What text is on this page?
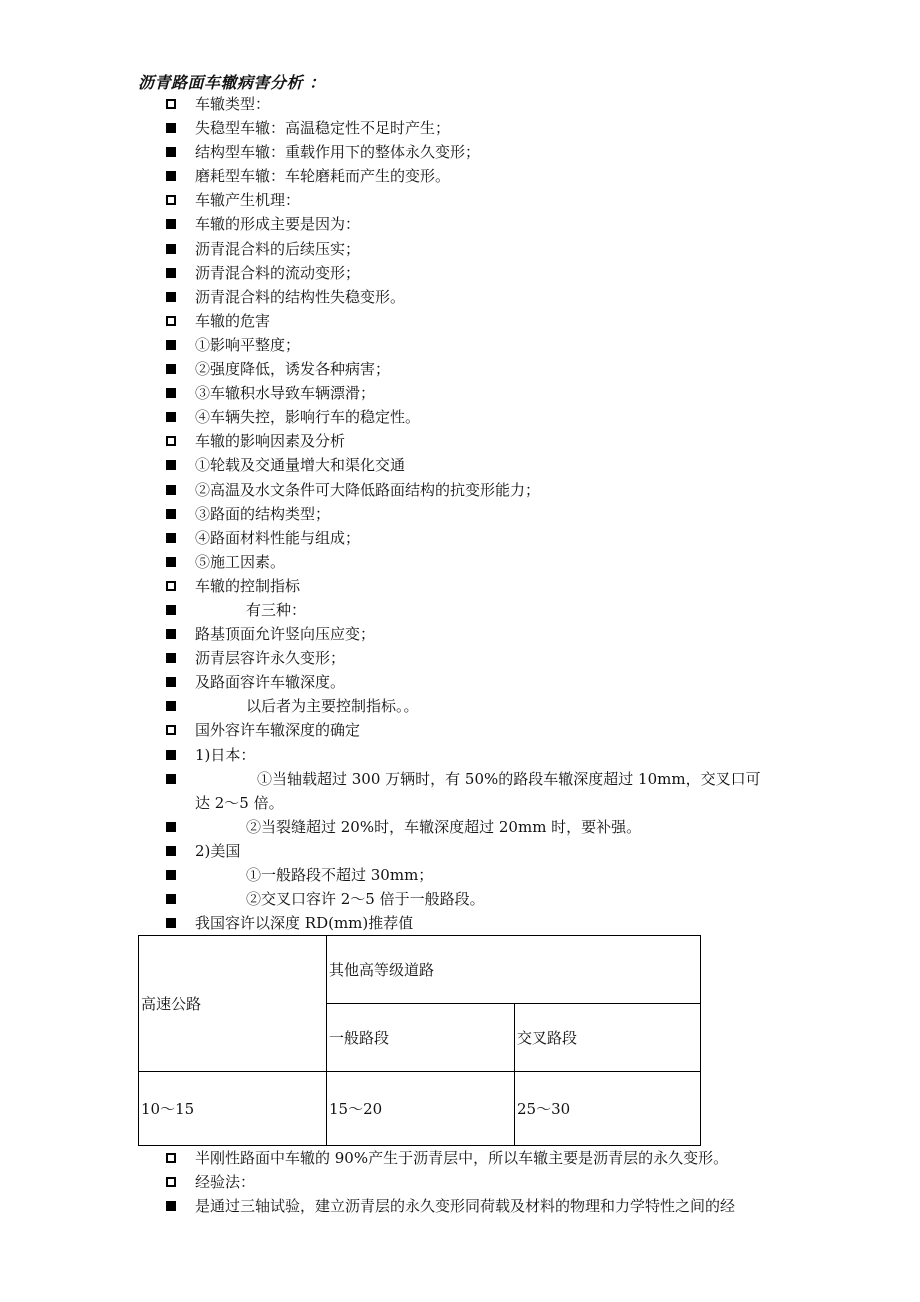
沥青路面车辙病害分析 ：
车辙类型：
失稳型车辙：高温稳定性不足时产生；
结构型车辙：重载作用下的整体永久变形；
磨耗型车辙：车轮磨耗而产生的变形。
车辙产生机理：
车辙的形成主要是因为：
沥青混合料的后续压实；
沥青混合料的流动变形；
沥青混合料的结构性失稳变形。
车辙的危害
①影响平整度；
②强度降低，诱发各种病害；
③车辙积水导致车辆漂滑；
④车辆失控，影响行车的稳定性。
车辙的影响因素及分析
①轮载及交通量增大和渠化交通
②高温及水文条件可大降低路面结构的抗变形能力；
③路面的结构类型；
④路面材料性能与组成；
⑤施工因素。
车辙的控制指标
有三种：
路基顶面允许竖向压应变；
沥青层容许永久变形；
及路面容许车辙深度。
以后者为主要控制指标。。
国外容许车辙深度的确定
1)日本：
①当轴载超过 300 万辆时，有 50%的路段车辙深度超过 10mm，交叉口可
达 2～5 倍。
②当裂缝超过 20%时，车辙深度超过 20mm 时，要补强。
2)美国
①一般路段不超过 30mm；
②交叉口容许 2～5 倍于一般路段。
我国容许以深度 RD(mm)推荐值
高速公路	其他高等级道路	
	一般路段	交叉路段
10～15	15～20	25～30
半刚性路面中车辙的 90%产生于沥青层中，所以车辙主要是沥青层的永久变形。
经验法：
是通过三轴试验，建立沥青层的永久变形同荷载及材料的物理和力学特性之间的经
